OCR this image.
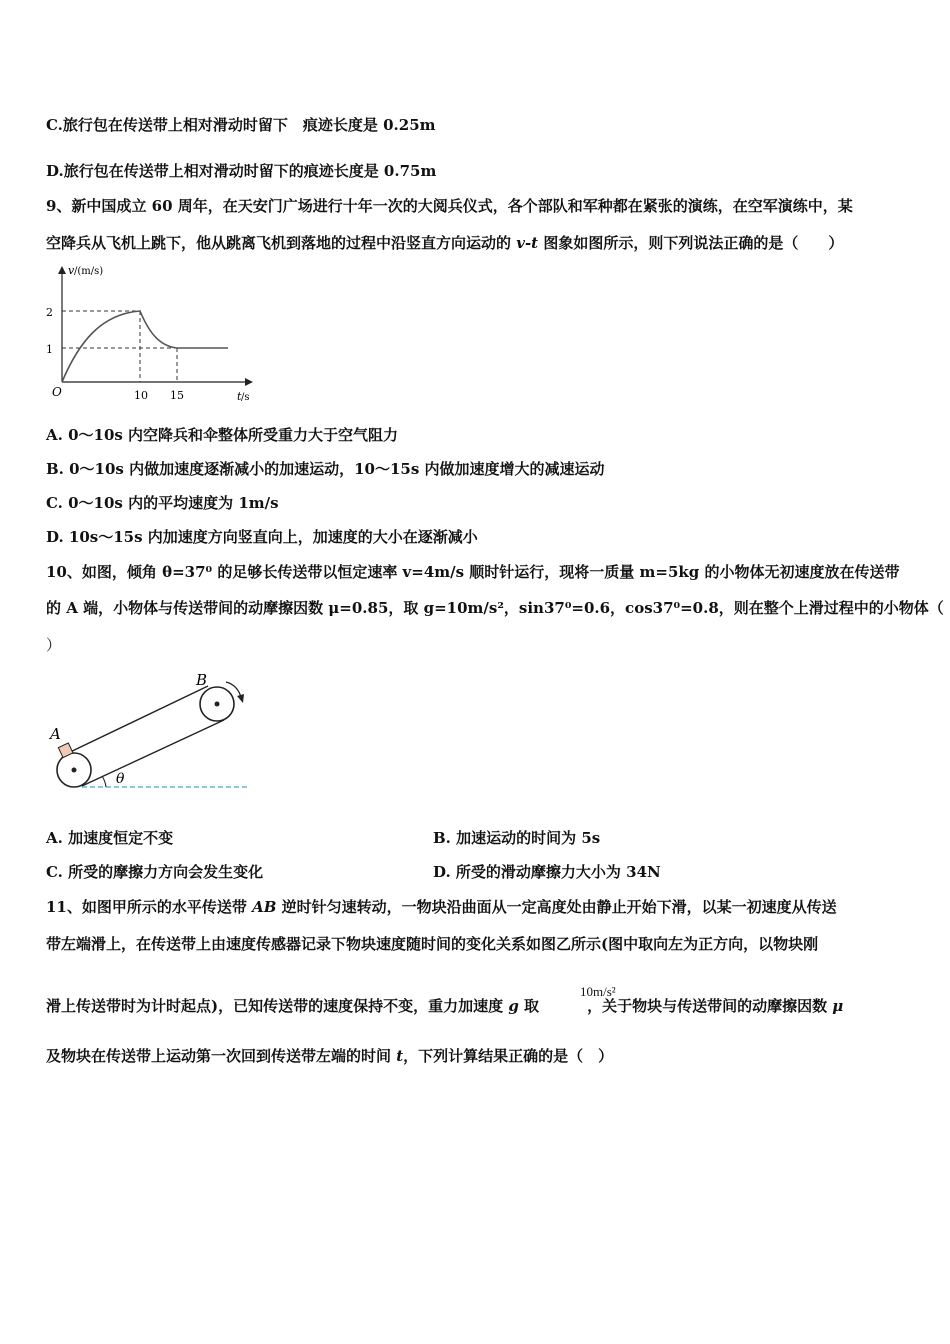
C.旅行包在传送带上相对滑动时留下　痕迹长度是 0.25m
D.旅行包在传送带上相对滑动时留下的痕迹长度是 0.75m
9、新中国成立 60 周年，在天安门广场进行十年一次的大阅兵仪式，各个部队和军种都在紧张的演练，在空军演练中，某
空降兵从飞机上跳下，他从跳离飞机到落地的过程中沿竖直方向运动的 v-t 图象如图所示，则下列说法正确的是（　　）
v /(m/s)
2
1
O	10 15	t /s
A. 0～10s 内空降兵和伞整体所受重力大于空气阻力
B. 0～10s 内做加速度逐渐减小的加速运动，10～15s 内做加速度增大的减速运动
C. 0～10s 内的平均速度为 1m/s
D. 10s～15s 内加速度方向竖直向上，加速度的大小在逐渐减小
10、如图，倾角 θ=37⁰ 的足够长传送带以恒定速率 v=4m/s 顺时针运行，现将一质量 m=5kg 的小物体无初速度放在传送带
的 A 端，小物体与传送带间的动摩擦因数 μ=0.85，取 g=10m/s²，sin37⁰=0.6，cos37⁰=0.8，则在整个上滑过程中的小物体（
）
A
B
θ
A. 加速度恒定不变	B. 加速运动的时间为 5s
C. 所受的摩擦力方向会发生变化	D. 所受的滑动摩擦力大小为 34N
11、如图甲所示的水平传送带 AB 逆时针匀速转动，一物块沿曲面从一定高度处由静止开始下滑，以某一初速度从传送
带左端滑上，在传送带上由速度传感器记录下物块速度随时间的变化关系如图乙所示(图中取向左为正方向，以物块刚
滑上传送带时为计时起点)，已知传送带的速度保持不变，重力加速度 g 取	，关于物块与传送带间的动摩擦因数 μ
10m/s²
及物块在传送带上运动第一次回到传送带左端的时间 t，下列计算结果正确的是（　）
